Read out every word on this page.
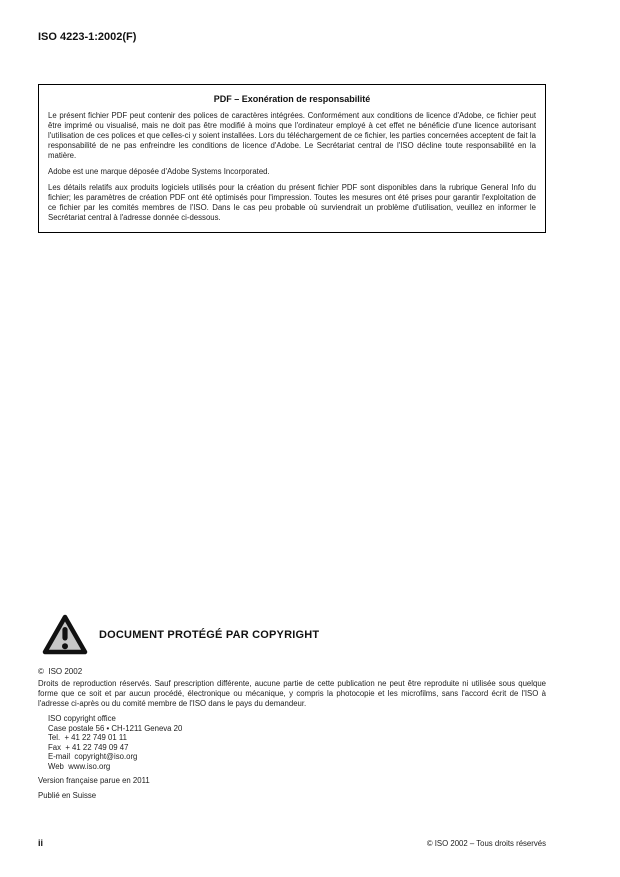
ISO 4223-1:2002(F)
PDF – Exonération de responsabilité

Le présent fichier PDF peut contenir des polices de caractères intégrées. Conformément aux conditions de licence d'Adobe, ce fichier peut être imprimé ou visualisé, mais ne doit pas être modifié à moins que l'ordinateur employé à cet effet ne bénéficie d'une licence autorisant l'utilisation de ces polices et que celles-ci y soient installées. Lors du téléchargement de ce fichier, les parties concernées acceptent de fait la responsabilité de ne pas enfreindre les conditions de licence d'Adobe. Le Secrétariat central de l'ISO décline toute responsabilité en la matière.

Adobe est une marque déposée d'Adobe Systems Incorporated.

Les détails relatifs aux produits logiciels utilisés pour la création du présent fichier PDF sont disponibles dans la rubrique General Info du fichier; les paramètres de création PDF ont été optimisés pour l'impression. Toutes les mesures ont été prises pour garantir l'exploitation de ce fichier par les comités membres de l'ISO. Dans le cas peu probable où surviendrait un problème d'utilisation, veuillez en informer le Secrétariat central à l'adresse donnée ci-dessous.

DOCUMENT PROTÉGÉ PAR COPYRIGHT
©  ISO 2002
Droits de reproduction réservés. Sauf prescription différente, aucune partie de cette publication ne peut être reproduite ni utilisée sous quelque forme que ce soit et par aucun procédé, électronique ou mécanique, y compris la photocopie et les microfilms, sans l'accord écrit de l'ISO à l'adresse ci-après ou du comité membre de l'ISO dans le pays du demandeur.
ISO copyright office
Case postale 56 • CH-1211 Geneva 20
Tel.  + 41 22 749 01 11
Fax  + 41 22 749 09 47
E-mail  copyright@iso.org
Web  www.iso.org
Version française parue en 2011
Publié en Suisse
ii	© ISO 2002 – Tous droits réservés
